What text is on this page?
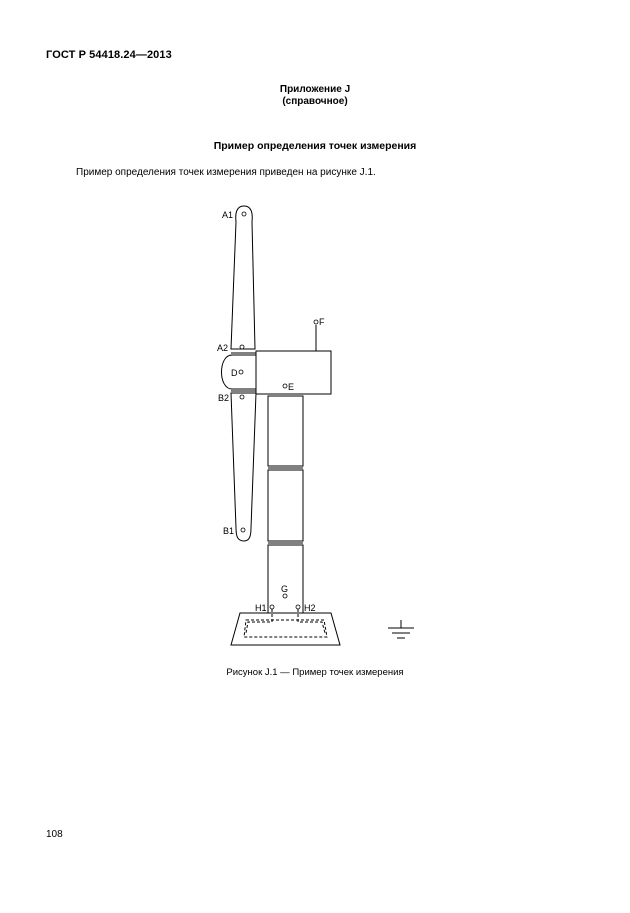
ГОСТ Р 54418.24—2013
Приложение J
(справочное)
Пример определения точек измерения
Пример определения точек измерения приведен на рисунке J.1.
A1
A2
D
B2
B1
E
F
G
H1	H2
Рисунок J.1 — Пример точек измерения
108
